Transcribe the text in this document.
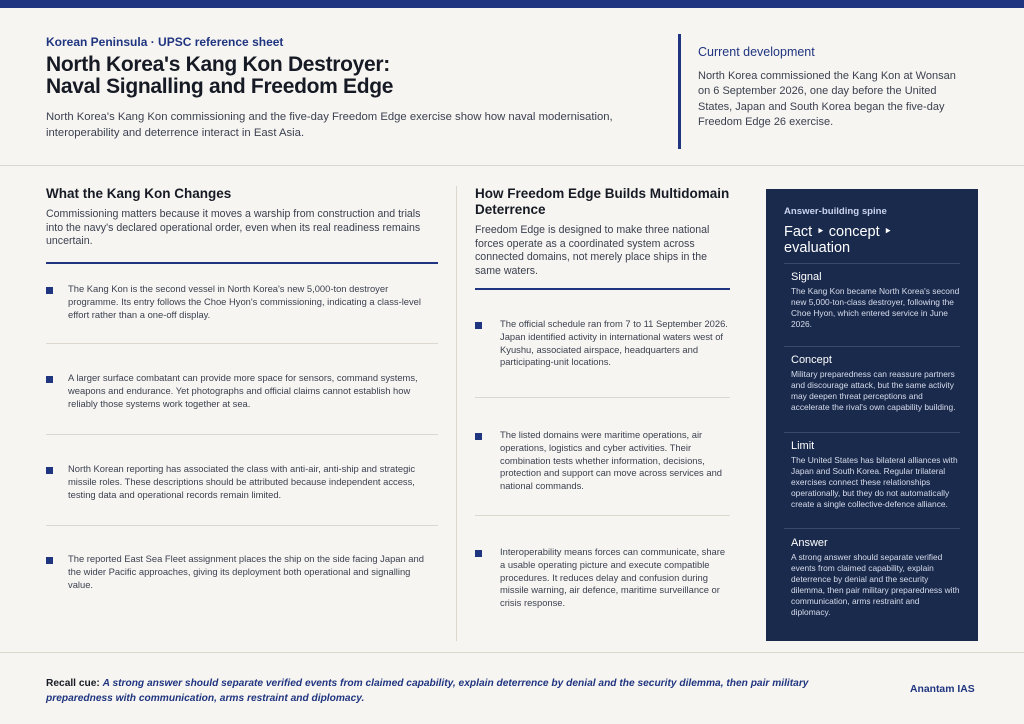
Korean Peninsula · UPSC reference sheet
North Korea's Kang Kon Destroyer:
Naval Signalling and Freedom Edge

North Korea's Kang Kon commissioning and the five-day Freedom Edge exercise show how naval modernisation, interoperability and deterrence interact in East Asia.

Current development

North Korea commissioned the Kang Kon at Wonsan on 6 September 2026, one day before the United States, Japan and South Korea began the five-day Freedom Edge 26 exercise.

What the Kang Kon Changes

Commissioning matters because it moves a warship from construction and trials into the navy's declared operational order, even when its real readiness remains uncertain.

The Kang Kon is the second vessel in North Korea's new 5,000-ton destroyer programme. Its entry follows the Choe Hyon's commissioning, indicating a class-level effort rather than a one-off display.

A larger surface combatant can provide more space for sensors, command systems, weapons and endurance. Yet photographs and official claims cannot establish how reliably those systems work together at sea.

North Korean reporting has associated the class with anti-air, anti-ship and strategic missile roles. These descriptions should be attributed because independent access, testing data and operational records remain limited.

The reported East Sea Fleet assignment places the ship on the side facing Japan and the wider Pacific approaches, giving its deployment both operational and signalling value.

How Freedom Edge Builds Multidomain Deterrence

Freedom Edge is designed to make three national forces operate as a coordinated system across connected domains, not merely place ships in the same waters.

The official schedule ran from 7 to 11 September 2026. Japan identified activity in international waters west of Kyushu, associated airspace, headquarters and participating-unit locations.

The listed domains were maritime operations, air operations, logistics and cyber activities. Their combination tests whether information, decisions, protection and support can move across services and national commands.

Interoperability means forces can communicate, share a usable operating picture and execute compatible procedures. It reduces delay and confusion during missile warning, air defence, maritime surveillance or crisis response.

Answer-building spine
Fact ‣ concept ‣ evaluation
Signal

The Kang Kon became North Korea's second new 5,000-ton-class destroyer, following the Choe Hyon, which entered service in June 2026.

Concept

Military preparedness can reassure partners and discourage attack, but the same activity may deepen threat perceptions and accelerate the rival's own capability building.

Limit

The United States has bilateral alliances with Japan and South Korea. Regular trilateral exercises connect these relationships operationally, but they do not automatically create a single collective-defence alliance.

Answer

A strong answer should separate verified events from claimed capability, explain deterrence by denial and the security dilemma, then pair military preparedness with communication, arms restraint and diplomacy.

Recall cue: A strong answer should separate verified events from claimed capability, explain deterrence by denial and the security dilemma, then pair military preparedness with communication, arms restraint and diplomacy.

Anantam IAS
